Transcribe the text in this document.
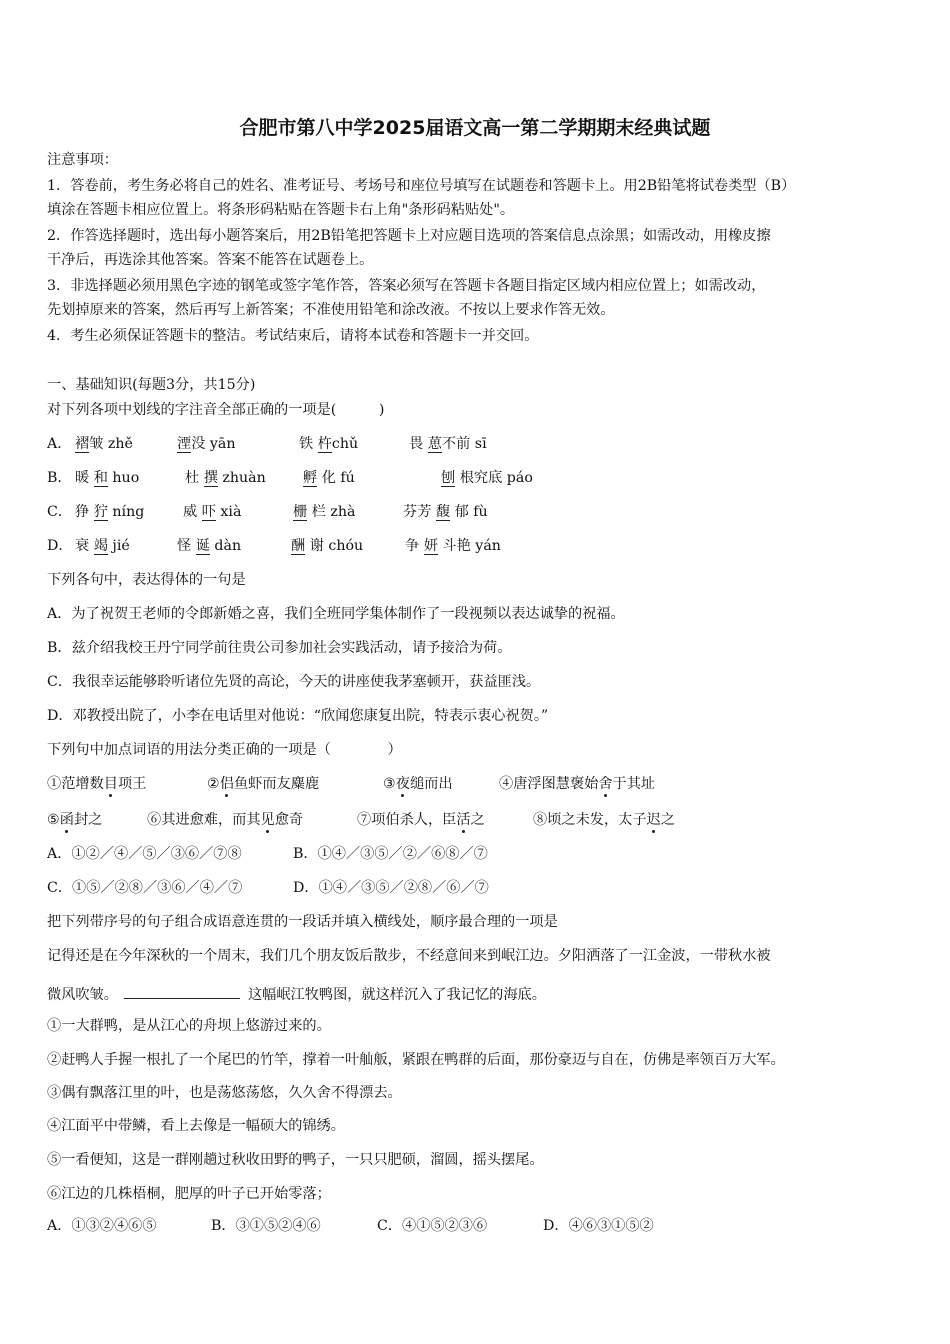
合肥市第八中学2025届语文高一第二学期期末经典试题
注意事项：
1．答卷前，考生务必将自己的姓名、准考证号、考场号和座位号填写在试题卷和答题卡上。用2B铅笔将试卷类型（B）
填涂在答题卡相应位置上。将条形码粘贴在答题卡右上角"条形码粘贴处"。
2．作答选择题时，选出每小题答案后，用2B铅笔把答题卡上对应题目选项的答案信息点涂黑；如需改动，用橡皮擦
干净后，再选涂其他答案。答案不能答在试题卷上。
3．非选择题必须用黑色字迹的钢笔或签字笔作答，答案必须写在答题卡各题目指定区域内相应位置上；如需改动，
先划掉原来的答案，然后再写上新答案；不准使用铅笔和涂改液。不按以上要求作答无效。
4．考生必须保证答题卡的整洁。考试结束后，请将本试卷和答题卡一并交回。
一、基础知识(每题3分，共15分)
对下列各项中划线的字注音全部正确的一项是(　　　)
A． 褶皱 zhě	湮没 yān	铁 杵chǔ	畏 葸不前 sī
B． 暖 和 huo	杜 撰 zhuàn	孵 化 fú	刨 根究底 páo
C． 狰 狞 níng	威 吓 xià	栅 栏 zhà	芬芳 馥 郁 fù
D． 衰 竭 jié	怪 诞 dàn	酬 谢 chóu	争 妍 斗艳 yán
下列各句中，表达得体的一句是
A．为了祝贺王老师的令郎新婚之喜，我们全班同学集体制作了一段视频以表达诚挚的祝福。
B．兹介绍我校王丹宁同学前往贵公司参加社会实践活动，请予接洽为荷。
C．我很幸运能够聆听诸位先贤的高论，今天的讲座使我茅塞顿开，获益匪浅。
D．邓教授出院了，小李在电话里对他说：“欣闻您康复出院，特表示衷心祝贺。”
下列句中加点词语的用法分类正确的一项是（　　　　）
①范增数目项王	②侣鱼虾而友麋鹿	③夜缒而出	④唐浮图慧褒始舍于其址
⑤函封之	⑥其进愈难，而其见愈奇	⑦项伯杀人，臣活之	⑧顷之未发，太子迟之
A．①②／④／⑤／③⑥／⑦⑧	B．①④／③⑤／②／⑥⑧／⑦
C．①⑤／②⑧／③⑥／④／⑦	D．①④／③⑤／②⑧／⑥／⑦
把下列带序号的句子组合成语意连贯的一段话并填入横线处，顺序最合理的一项是
记得还是在今年深秋的一个周末，我们几个朋友饭后散步，不经意间来到岷江边。夕阳洒落了一江金波，一带秋水被
微风吹皱。	这幅岷江牧鸭图，就这样沉入了我记忆的海底。
①一大群鸭，是从江心的舟坝上悠游过来的。
②赶鸭人手握一根扎了一个尾巴的竹竿，撑着一叶舢舨，紧跟在鸭群的后面，那份豪迈与自在，仿佛是率领百万大军。
③偶有飘落江里的叶，也是荡悠荡悠，久久舍不得漂去。
④江面平中带鳞，看上去像是一幅硕大的锦绣。
⑤一看便知，这是一群刚趟过秋收田野的鸭子，一只只肥硕，溜圆，摇头摆尾。
⑥江边的几株梧桐，肥厚的叶子已开始零落；
A．①③②④⑥⑤	B．③①⑤②④⑥	C．④①⑤②③⑥	D．④⑥③①⑤②
